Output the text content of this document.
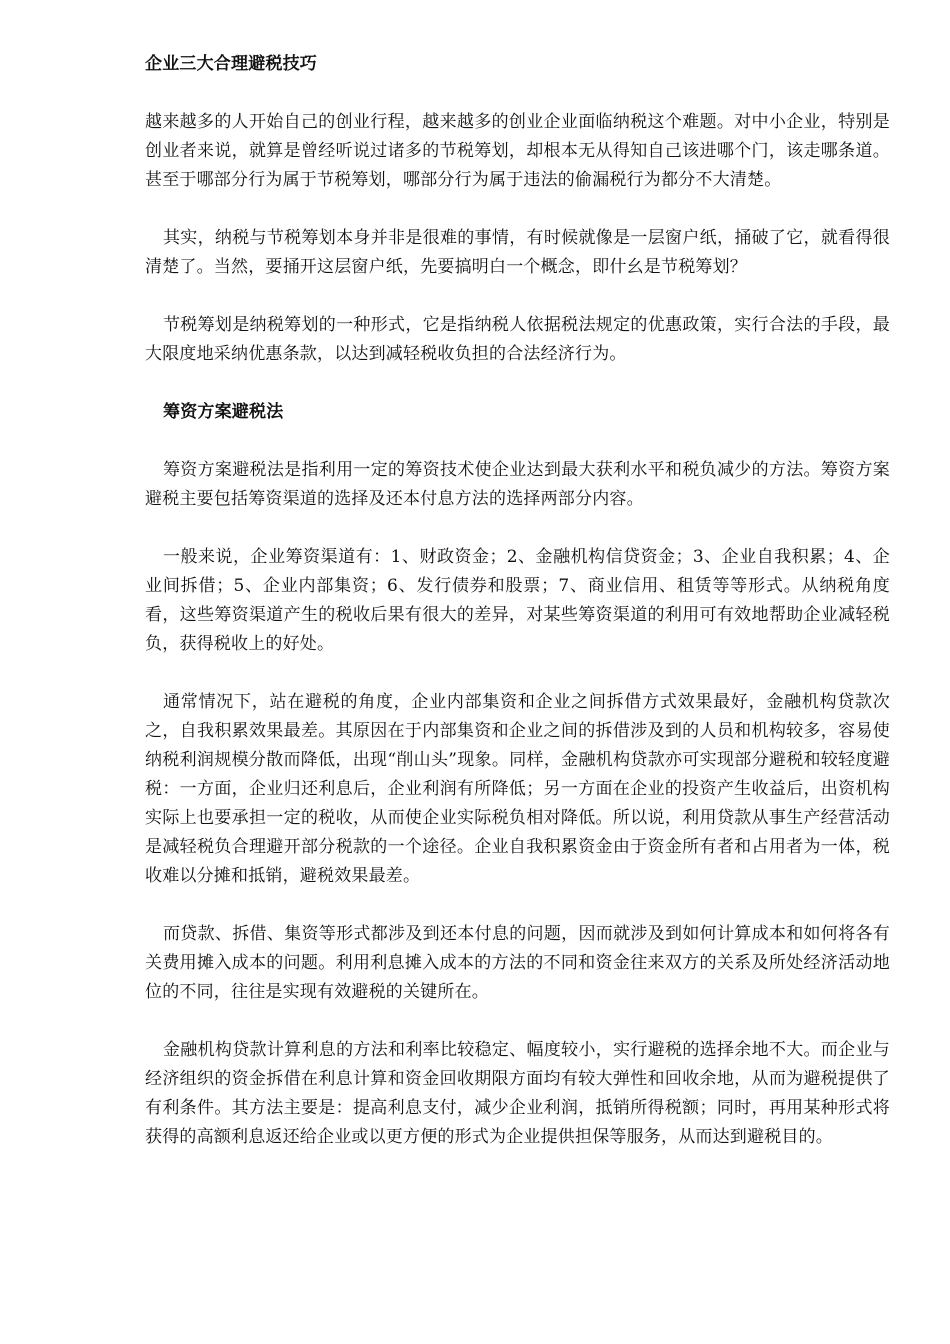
企业三大合理避税技巧

越来越多的人开始自己的创业行程，越来越多的创业企业面临纳税这个难题。对中小企业，特别是创业者来说，就算是曾经听说过诸多的节税筹划，却根本无从得知自己该进哪个门，该走哪条道。甚至于哪部分行为属于节税筹划，哪部分行为属于违法的偷漏税行为都分不大清楚。

其实，纳税与节税筹划本身并非是很难的事情，有时候就像是一层窗户纸，捅破了它，就看得很清楚了。当然，要捅开这层窗户纸，先要搞明白一个概念，即什幺是节税筹划？

节税筹划是纳税筹划的一种形式，它是指纳税人依据税法规定的优惠政策，实行合法的手段，最大限度地采纳优惠条款，以达到减轻税收负担的合法经济行为。

筹资方案避税法

筹资方案避税法是指利用一定的筹资技术使企业达到最大获利水平和税负减少的方法。筹资方案避税主要包括筹资渠道的选择及还本付息方法的选择两部分内容。

一般来说，企业筹资渠道有：1、财政资金；2、金融机构信贷资金；3、企业自我积累；4、企业间拆借；5、企业内部集资；6、发行债券和股票；7、商业信用、租赁等等形式。从纳税角度看，这些筹资渠道产生的税收后果有很大的差异，对某些筹资渠道的利用可有效地帮助企业减轻税负，获得税收上的好处。

通常情况下，站在避税的角度，企业内部集资和企业之间拆借方式效果最好，金融机构贷款次之，自我积累效果最差。其原因在于内部集资和企业之间的拆借涉及到的人员和机构较多，容易使纳税利润规模分散而降低，出现“削山头”现象。同样，金融机构贷款亦可实现部分避税和较轻度避税：一方面，企业归还利息后，企业利润有所降低；另一方面在企业的投资产生收益后，出资机构实际上也要承担一定的税收，从而使企业实际税负相对降低。所以说，利用贷款从事生产经营活动是减轻税负合理避开部分税款的一个途径。企业自我积累资金由于资金所有者和占用者为一体，税收难以分摊和抵销，避税效果最差。

而贷款、拆借、集资等形式都涉及到还本付息的问题，因而就涉及到如何计算成本和如何将各有关费用摊入成本的问题。利用利息摊入成本的方法的不同和资金往来双方的关系及所处经济活动地位的不同，往往是实现有效避税的关键所在。

金融机构贷款计算利息的方法和利率比较稳定、幅度较小，实行避税的选择余地不大。而企业与经济组织的资金拆借在利息计算和资金回收期限方面均有较大弹性和回收余地，从而为避税提供了有利条件。其方法主要是：提高利息支付，减少企业利润，抵销所得税额；同时，再用某种形式将获得的高额利息返还给企业或以更方便的形式为企业提供担保等服务，从而达到避税目的。
